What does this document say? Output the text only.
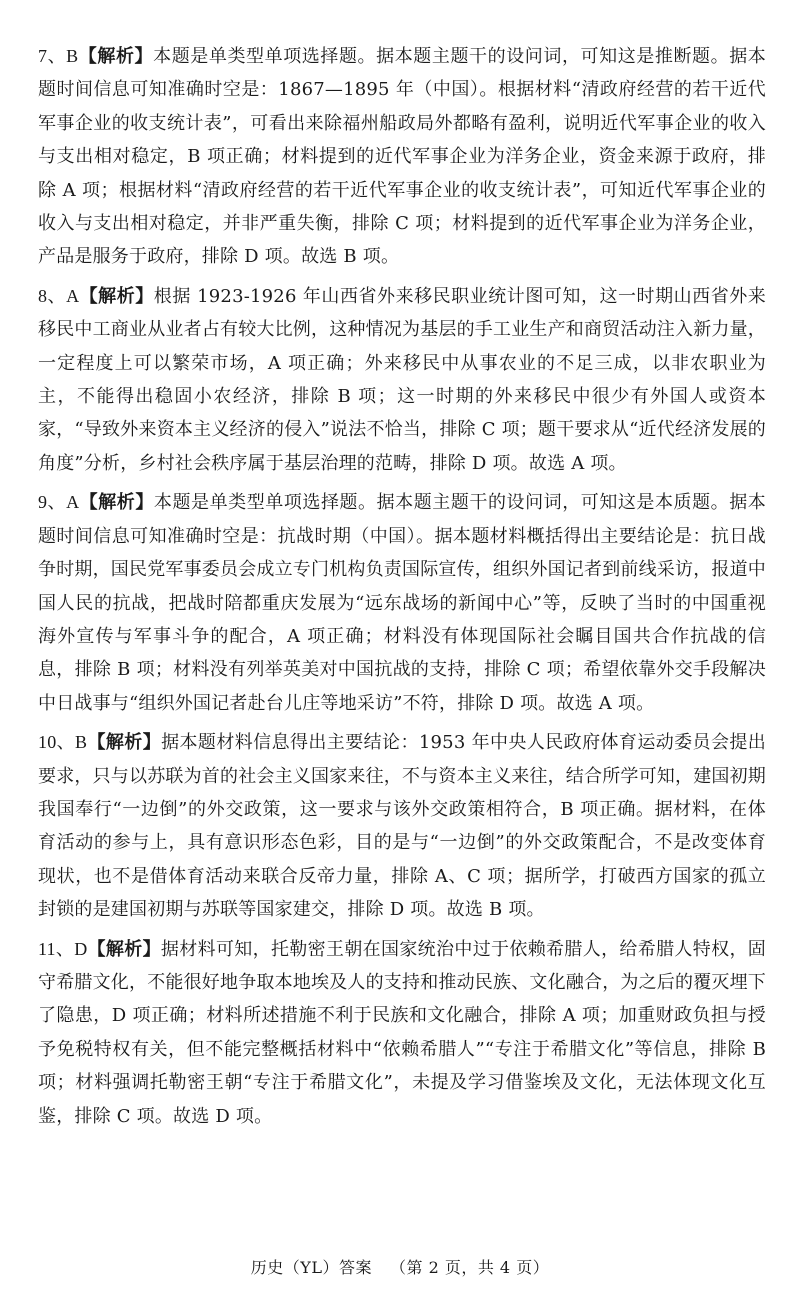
7、B【解析】本题是单类型单项选择题。据本题主题干的设问词，可知这是推断题。据本题时间信息可知准确时空是：1867—1895 年（中国）。根据材料“清政府经营的若干近代军事企业的收支统计表”，可看出来除福州船政局外都略有盈利，说明近代军事企业的收入与支出相对稳定，B 项正确；材料提到的近代军事企业为洋务企业，资金来源于政府，排除 A 项；根据材料“清政府经营的若干近代军事企业的收支统计表”，可知近代军事企业的收入与支出相对稳定，并非严重失衡，排除 C 项；材料提到的近代军事企业为洋务企业，产品是服务于政府，排除 D 项。故选 B 项。

8、A【解析】根据 1923-1926 年山西省外来移民职业统计图可知，这一时期山西省外来移民中工商业从业者占有较大比例，这种情况为基层的手工业生产和商贸活动注入新力量，一定程度上可以繁荣市场，A 项正确；外来移民中从事农业的不足三成，以非农职业为主，不能得出稳固小农经济，排除 B 项；这一时期的外来移民中很少有外国人或资本家，“导致外来资本主义经济的侵入”说法不恰当，排除 C 项；题干要求从“近代经济发展的角度”分析，乡村社会秩序属于基层治理的范畴，排除 D 项。故选 A 项。

9、A【解析】本题是单类型单项选择题。据本题主题干的设问词，可知这是本质题。据本题时间信息可知准确时空是：抗战时期（中国）。据本题材料概括得出主要结论是：抗日战争时期，国民党军事委员会成立专门机构负责国际宣传，组织外国记者到前线采访，报道中国人民的抗战，把战时陪都重庆发展为“远东战场的新闻中心”等，反映了当时的中国重视海外宣传与军事斗争的配合，A 项正确；材料没有体现国际社会瞩目国共合作抗战的信息，排除 B 项；材料没有列举英美对中国抗战的支持，排除 C 项；希望依靠外交手段解决中日战事与“组织外国记者赴台儿庄等地采访”不符，排除 D 项。故选 A 项。

10、B【解析】据本题材料信息得出主要结论：1953 年中央人民政府体育运动委员会提出要求，只与以苏联为首的社会主义国家来往，不与资本主义来往，结合所学可知，建国初期我国奉行“一边倒”的外交政策，这一要求与该外交政策相符合，B 项正确。据材料，在体育活动的参与上，具有意识形态色彩，目的是与“一边倒”的外交政策配合，不是改变体育现状，也不是借体育活动来联合反帝力量，排除 A、C 项；据所学，打破西方国家的孤立封锁的是建国初期与苏联等国家建交，排除 D 项。故选 B 项。

11、D【解析】据材料可知，托勒密王朝在国家统治中过于依赖希腊人，给希腊人特权，固守希腊文化，不能很好地争取本地埃及人的支持和推动民族、文化融合，为之后的覆灭埋下了隐患，D 项正确；材料所述措施不利于民族和文化融合，排除 A 项；加重财政负担与授予免税特权有关，但不能完整概括材料中“依赖希腊人”“专注于希腊文化”等信息，排除 B 项；材料强调托勒密王朝“专注于希腊文化”，未提及学习借鉴埃及文化，无法体现文化互鉴，排除 C 项。故选 D 项。

历史（YL）答案 （第 2 页，共 4 页）
